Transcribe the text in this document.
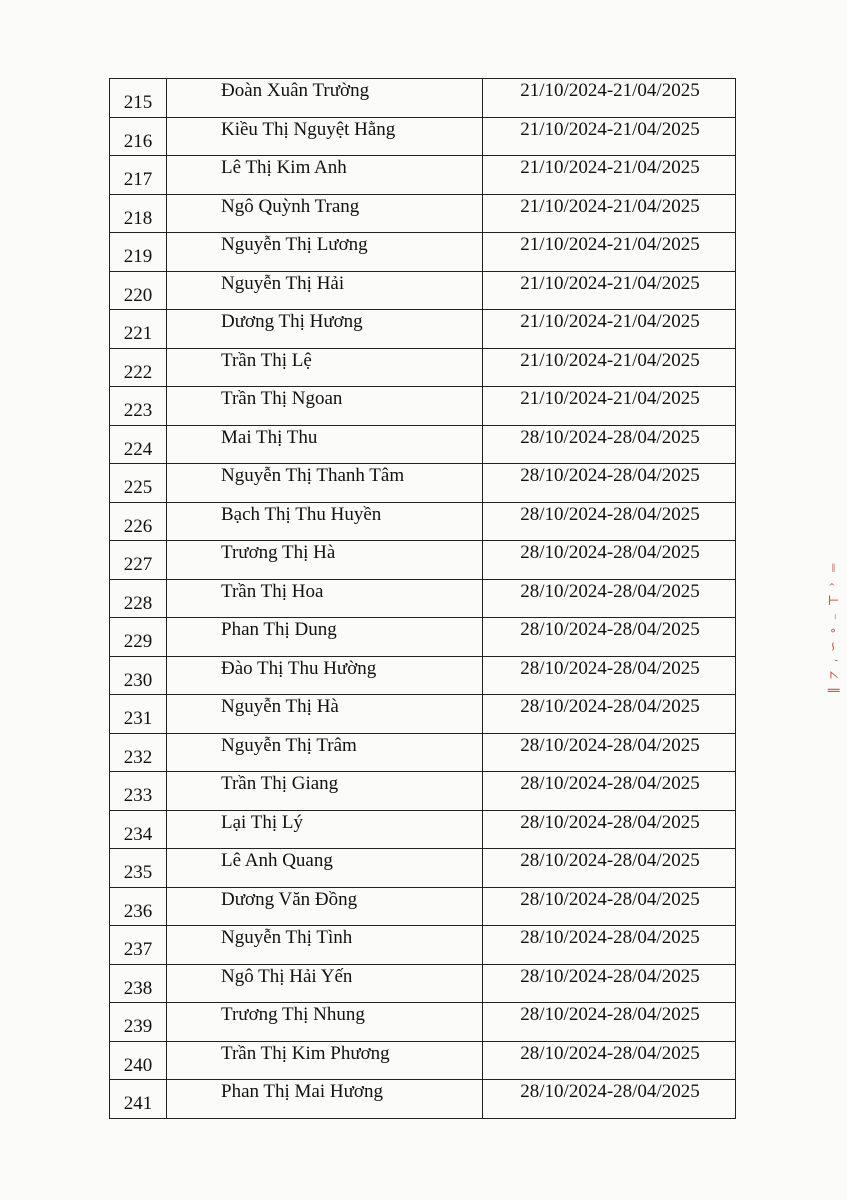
215	Đoàn Xuân Trường	21/10/2024-21/04/2025

216	Kiều Thị Nguyệt Hằng	21/10/2024-21/04/2025

217	Lê Thị Kim Anh	21/10/2024-21/04/2025

218	Ngô Quỳnh Trang	21/10/2024-21/04/2025

219	Nguyễn Thị Lương	21/10/2024-21/04/2025

220	Nguyễn Thị Hải	21/10/2024-21/04/2025

221	Dương Thị Hương	21/10/2024-21/04/2025

222	Trần Thị Lệ	21/10/2024-21/04/2025

223	Trần Thị Ngoan	21/10/2024-21/04/2025

224	Mai Thị Thu	28/10/2024-28/04/2025

225	Nguyễn Thị Thanh Tâm	28/10/2024-28/04/2025

226	Bạch Thị Thu Huyền	28/10/2024-28/04/2025

227	Trương Thị Hà	28/10/2024-28/04/2025

228	Trần Thị Hoa	28/10/2024-28/04/2025

229	Phan Thị Dung	28/10/2024-28/04/2025

230	Đào Thị Thu Hường	28/10/2024-28/04/2025

231	Nguyễn Thị Hà	28/10/2024-28/04/2025

232	Nguyễn Thị Trâm	28/10/2024-28/04/2025

233	Trần Thị Giang	28/10/2024-28/04/2025

234	Lại Thị Lý	28/10/2024-28/04/2025

235	Lê Anh Quang	28/10/2024-28/04/2025

236	Dương Văn Đồng	28/10/2024-28/04/2025

237	Nguyễn Thị Tình	28/10/2024-28/04/2025

238	Ngô Thị Hải Yến	28/10/2024-28/04/2025

239	Trương Thị Nhung	28/10/2024-28/04/2025

240	Trần Thị Kim Phương	28/10/2024-28/04/2025

241	Phan Thị Mai Hương	28/10/2024-28/04/2025
‖ ‹ ⊥ ⁻ ∘ ∽ ′ ∠ ∥
